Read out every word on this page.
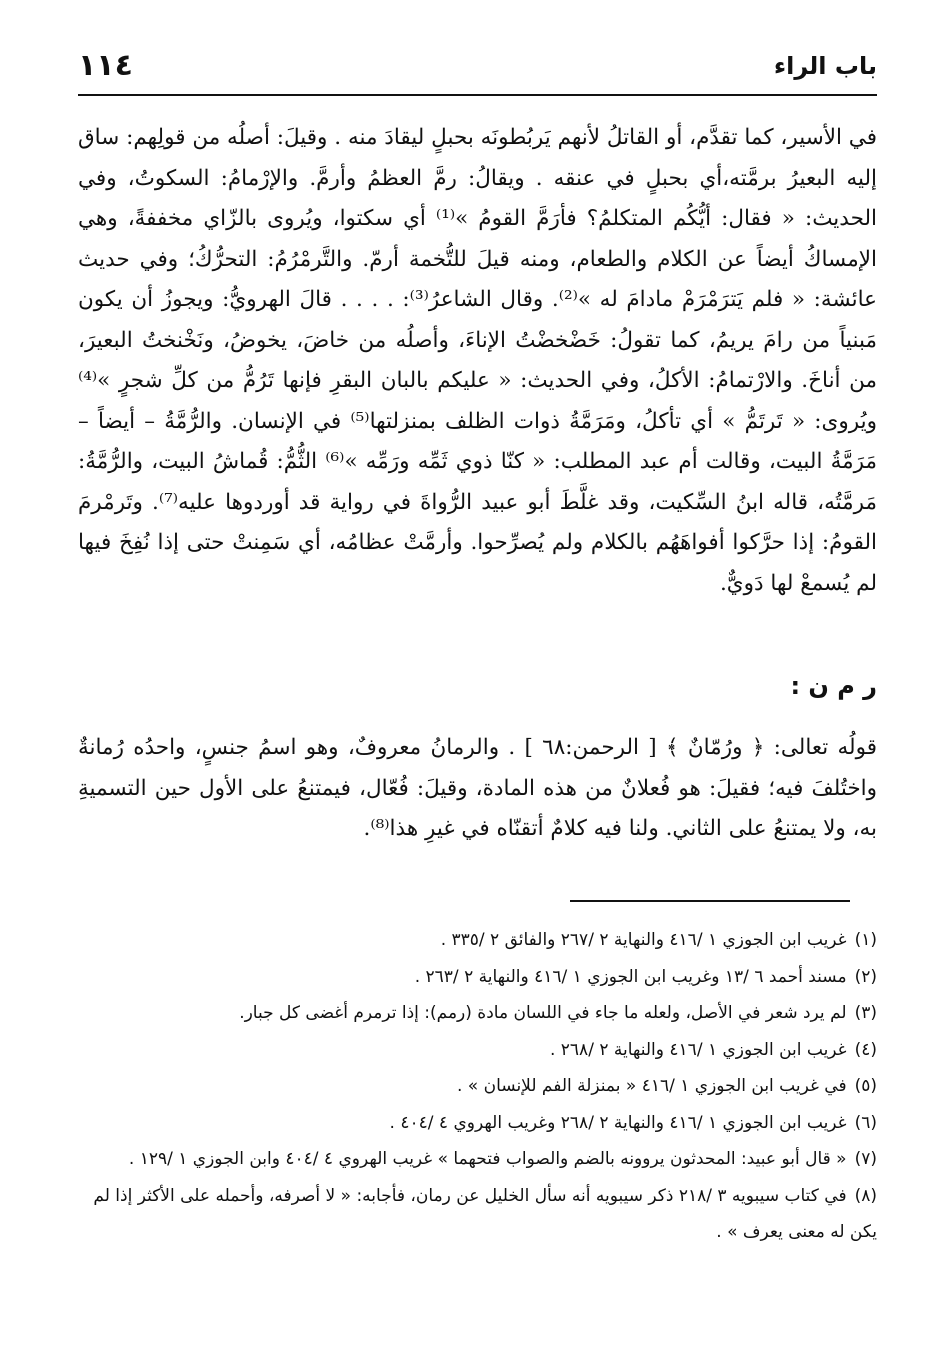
١١٤	باب الراء

في الأسير، كما تقدَّم، أو القاتلُ لأنهم يَربُطونَه بحبلٍ ليقادَ منه . وقيلَ: أصلُه من قولِهم: ساق إليه البعيرُ برمَّته،أي بحبلٍ في عنقه . ويقالُ: رمَّ العظمُ وأرمَّ. والإرْمامُ: السكوتُ، وفي الحديث: « فقال: أيُّكُم المتكلمُ؟ فأرَمَّ القومُ »⁽¹⁾ أي سكتوا، ويُروى بالزّاي مخففةً، وهي الإمساكُ أيضاً عن الكلام والطعام، ومنه قيلَ للتُّخمة أرمّ. والتَّرمْرُمُ: التحرُّكُ؛ وفي حديث عائشة: « فلم يَترَمْرَمْ مادامَ له »⁽²⁾. وقال الشاعرُ⁽³⁾: . . . . قالَ الهرويُّ: ويجوزُ أن يكون مَبنياً من رامَ يريمُ، كما تقولُ: خَضْخضْتُ الإناءَ، وأصلُه من خاضَ، يخوضُ، ونَخْنختُ البعيرَ، من أناخَ. والارْتمامُ: الأكلُ، وفي الحديث: « عليكم بالبان البقرِ فإنها تَرُمُّ من كلِّ شجرٍ »⁽⁴⁾ ويُروى: « تَرتَمُّ » أي تأكلُ، ومَرَمَّةُ ذوات الظلف بمنزلتها⁽⁵⁾ في الإنسان. والرُّمَّةُ – أيضاً – مَرَمَّةُ البيت، وقالت أم عبد المطلب: « كنّا ذوي ثَمِّه ورَمِّه »⁽⁶⁾ الثُّمُّ: قُماشُ البيت، والرُّمَّةُ: مَرمَّتُه، قاله ابنُ السِّكيت، وقد غلَّطَ أبو عبيد الرُّواةَ في رواية قد أوردوها عليه⁽⁷⁾. وتَرمْرمَ القومُ: إذا حرَّكوا أفواهَهُم بالكلام ولم يُصرِّحوا. وأرمَّتْ عظامُه، أي سَمِنتْ حتى إذا نُفِخَ فيها لم يُسمعْ لها دَويٌّ.

ر م ن :

قولُه تعالى: ﴿ ورُمّانٌ ﴾ [ الرحمن:٦٨ ] . والرمانُ معروفٌ، وهو اسمُ جنسٍ، واحدُه رُمانةٌ واختُلفَ فيه؛ فقيلَ: هو فُعلانٌ من هذه المادة، وقيلَ: فُعّال، فيمتنعُ على الأول حين التسميةِ به، ولا يمتنعُ على الثاني. ولنا فيه كلامٌ أتقنّاه في غيرِ هذا⁽⁸⁾.

(١)غريب ابن الجوزي ١ /٤١٦ والنهاية ٢ /٢٦٧ والفائق ٢ /٣٣٥ .

(٢)مسند أحمد ٦ /١٣ وغريب ابن الجوزي ١ /٤١٦ والنهاية ٢ /٢٦٣ .

(٣)لم يرد شعر في الأصل، ولعله ما جاء في اللسان مادة (رمم): إذا ترمرم أغضى كل جبار.

(٤)غريب ابن الجوزي ١ /٤١٦ والنهاية ٢ /٢٦٨ .

(٥)في غريب ابن الجوزي ١ /٤١٦ « بمنزلة الفم للإنسان » .

(٦)غريب ابن الجوزي ١ /٤١٦ والنهاية ٢ /٢٦٨ وغريب الهروي ٤ /٤٠٤ .

(٧)« قال أبو عبيد: المحدثون يروونه بالضم والصواب فتحهما » غريب الهروي ٤ /٤٠٤ وابن الجوزي ١ /١٢٩ .

(٨)في كتاب سيبويه ٣ /٢١٨ ذكر سيبويه أنه سأل الخليل عن رمان، فأجابه: « لا أصرفه، وأحمله على الأكثر إذا لم يكن له معنى يعرف » .
